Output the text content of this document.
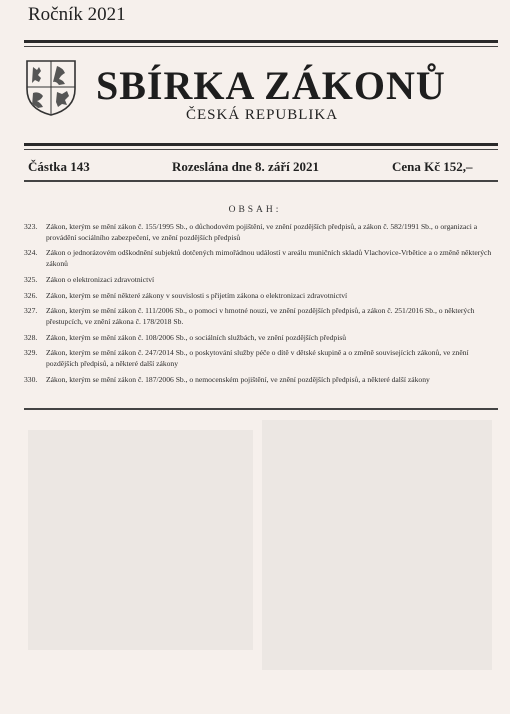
Ročník 2021
SBÍRKA ZÁKONŮ
ČESKÁ REPUBLIKA
Částka 143	Rozeslána dne 8. září 2021	Cena Kč 152,–
OBSAH:
323.	Zákon, kterým se mění zákon č. 155/1995 Sb., o důchodovém pojištění, ve znění pozdějších předpisů, a zákon č. 582/1991 Sb., o organizaci a provádění sociálního zabezpečení, ve znění pozdějších předpisů
324.	Zákon o jednorázovém odškodnění subjektů dotčených mimořádnou událostí v areálu muničních skladů Vlachovice-Vrbětice a o změně některých zákonů
325.	Zákon o elektronizaci zdravotnictví
326.	Zákon, kterým se mění některé zákony v souvislosti s přijetím zákona o elektronizaci zdravotnictví
327.	Zákon, kterým se mění zákon č. 111/2006 Sb., o pomoci v hmotné nouzi, ve znění pozdějších předpisů, a zákon č. 251/2016 Sb., o některých přestupcích, ve znění zákona č. 178/2018 Sb.
328.	Zákon, kterým se mění zákon č. 108/2006 Sb., o sociálních službách, ve znění pozdějších předpisů
329.	Zákon, kterým se mění zákon č. 247/2014 Sb., o poskytování služby péče o dítě v dětské skupině a o změně souvisejících zákonů, ve znění pozdějších předpisů, a některé další zákony
330.	Zákon, kterým se mění zákon č. 187/2006 Sb., o nemocenském pojištění, ve znění pozdějších předpisů, a některé další zákony
